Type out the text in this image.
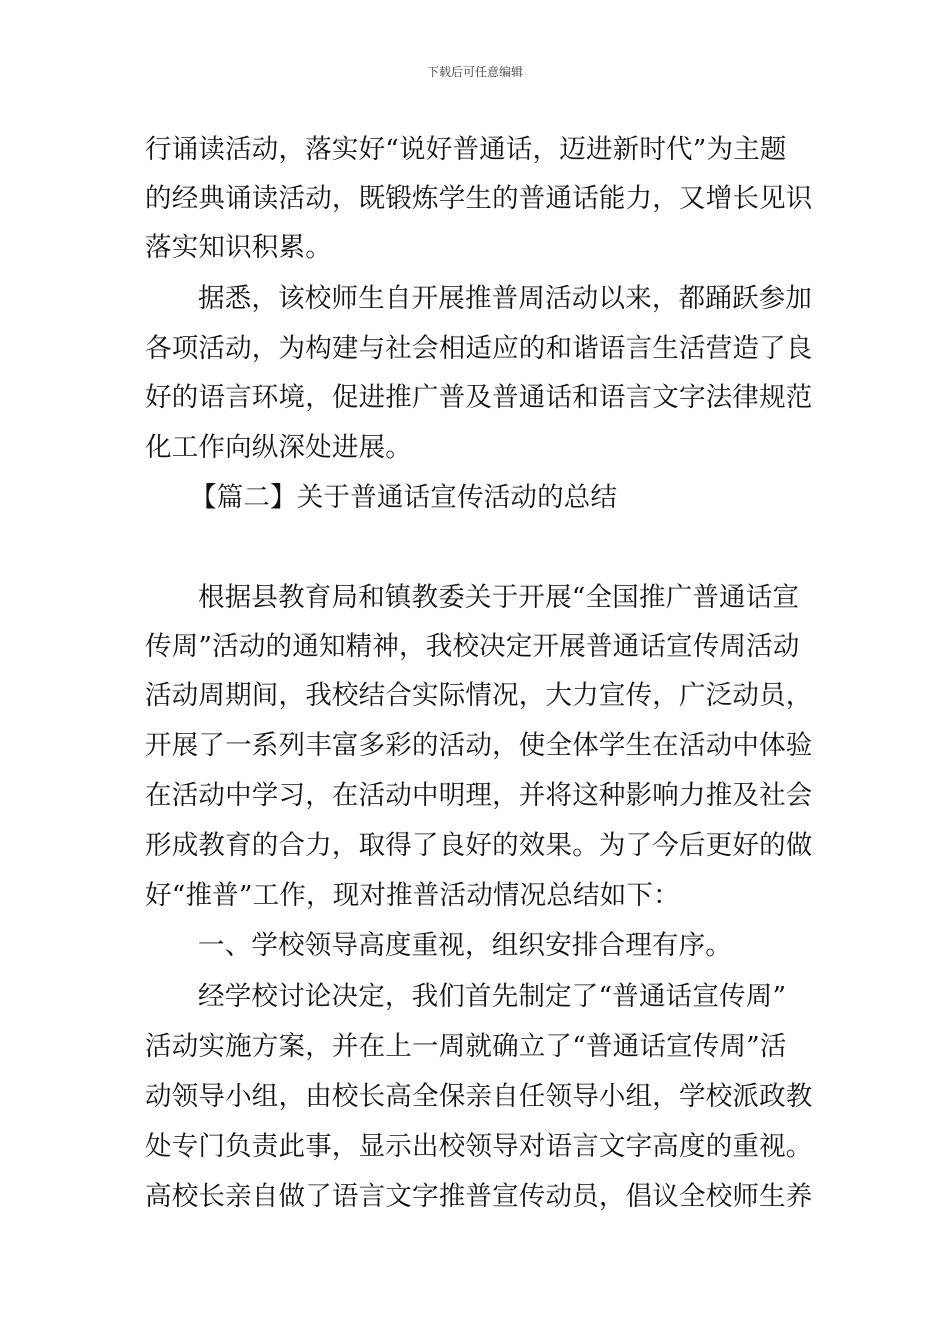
下载后可任意编辑
行诵读活动，落实好“说好普通话，迈进新时代”为主题
的经典诵读活动，既锻炼学生的普通话能力，又增长见识
落实知识积累。
据悉，该校师生自开展推普周活动以来，都踊跃参加
各项活动，为构建与社会相适应的和谐语言生活营造了良
好的语言环境，促进推广普及普通话和语言文字法律规范
化工作向纵深处进展。
【篇二】关于普通话宣传活动的总结
根据县教育局和镇教委关于开展“全国推广普通话宣
传周”活动的通知精神，我校决定开展普通话宣传周活动
活动周期间，我校结合实际情况，大力宣传，广泛动员，
开展了一系列丰富多彩的活动，使全体学生在活动中体验
在活动中学习，在活动中明理，并将这种影响力推及社会
形成教育的合力，取得了良好的效果。为了今后更好的做
好“推普”工作，现对推普活动情况总结如下：
一、学校领导高度重视，组织安排合理有序。
经学校讨论决定，我们首先制定了“普通话宣传周”
活动实施方案，并在上一周就确立了“普通话宣传周”活
动领导小组，由校长高全保亲自任领导小组，学校派政教
处专门负责此事，显示出校领导对语言文字高度的重视。
高校长亲自做了语言文字推普宣传动员，倡议全校师生养
